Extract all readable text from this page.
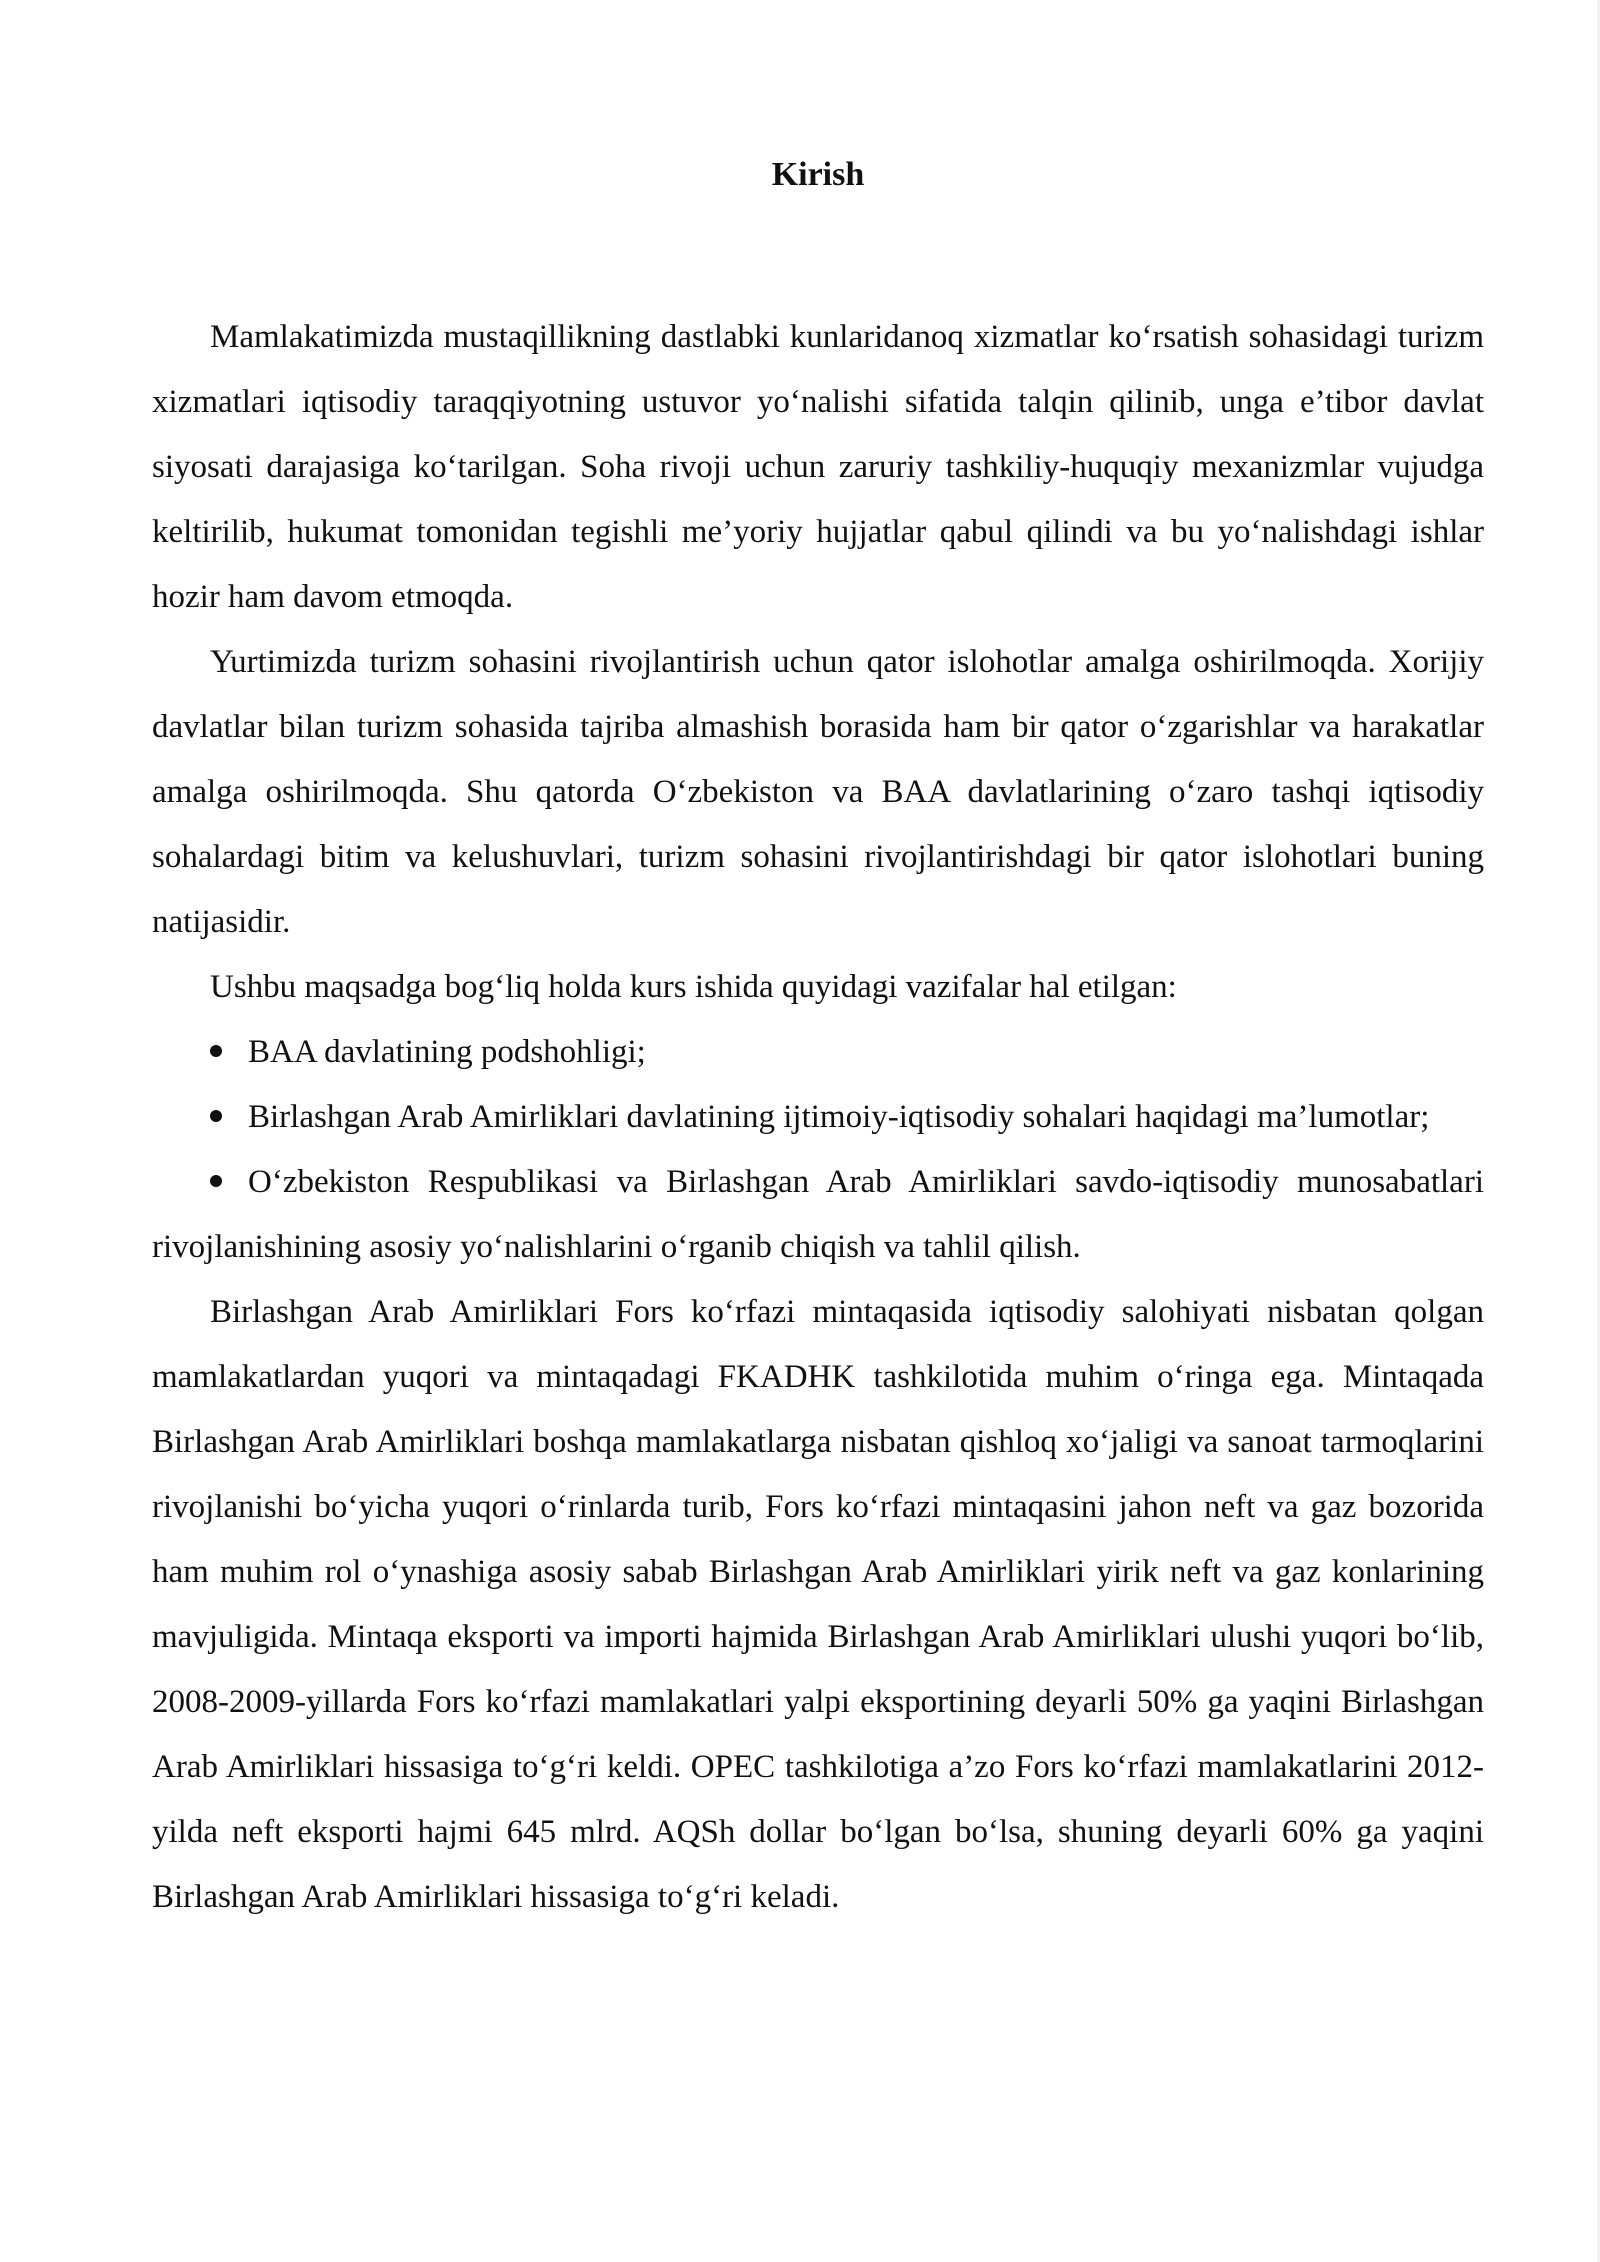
Kirish

Mamlakatimizda mustaqillikning dastlabki kunlaridanoq xizmatlar ko‘rsatish sohasidagi turizm xizmatlari iqtisodiy taraqqiyotning ustuvor yo‘nalishi sifatida talqin qilinib, unga e’tibor davlat siyosati darajasiga ko‘tarilgan. Soha rivoji uchun zaruriy tashkiliy-huquqiy mexanizmlar vujudga keltirilib, hukumat tomonidan tegishli me’yoriy hujjatlar qabul qilindi va bu yo‘nalishdagi ishlar hozir ham davom etmoqda.

Yurtimizda turizm sohasini rivojlantirish uchun qator islohotlar amalga oshirilmoqda. Xorijiy davlatlar bilan turizm sohasida tajriba almashish borasida ham bir qator o‘zgarishlar va harakatlar amalga oshirilmoqda. Shu qatorda O‘zbekiston va BAA davlatlarining o‘zaro tashqi iqtisodiy sohalardagi bitim va kelushuvlari, turizm sohasini rivojlantirishdagi bir qator islohotlari buning natijasidir.

Ushbu maqsadga bog‘liq holda kurs ishida quyidagi vazifalar hal etilgan:

BAA davlatining podshohligi;

Birlashgan Arab Amirliklari davlatining ijtimoiy-iqtisodiy sohalari haqidagi ma’lumotlar;

O‘zbekiston Respublikasi va Birlashgan Arab Amirliklari savdo-iqtisodiy munosabatlari rivojlanishining asosiy yo‘nalishlarini o‘rganib chiqish va tahlil qilish.

Birlashgan Arab Amirliklari Fors ko‘rfazi mintaqasida iqtisodiy salohiyati nisbatan qolgan mamlakatlardan yuqori va mintaqadagi FKADHK tashkilotida muhim o‘ringa ega. Mintaqada Birlashgan Arab Amirliklari boshqa mamlakatlarga nisbatan qishloq xo‘jaligi va sanoat tarmoqlarini rivojlanishi bo‘yicha yuqori o‘rinlarda turib, Fors ko‘rfazi mintaqasini jahon neft va gaz bozorida ham muhim rol o‘ynashiga asosiy sabab Birlashgan Arab Amirliklari yirik neft va gaz konlarining mavjuligida. Mintaqa eksporti va importi hajmida Birlashgan Arab Amirliklari ulushi yuqori bo‘lib, 2008-2009-yillarda Fors ko‘rfazi mamlakatlari yalpi eksportining deyarli 50% ga yaqini Birlashgan Arab Amirliklari hissasiga to‘g‘ri keldi. OPEC tashkilotiga a’zo Fors ko‘rfazi mamlakatlarini 2012-yilda neft eksporti hajmi 645 mlrd. AQSh dollar bo‘lgan bo‘lsa, shuning deyarli 60% ga yaqini Birlashgan Arab Amirliklari hissasiga to‘g‘ri keladi.
